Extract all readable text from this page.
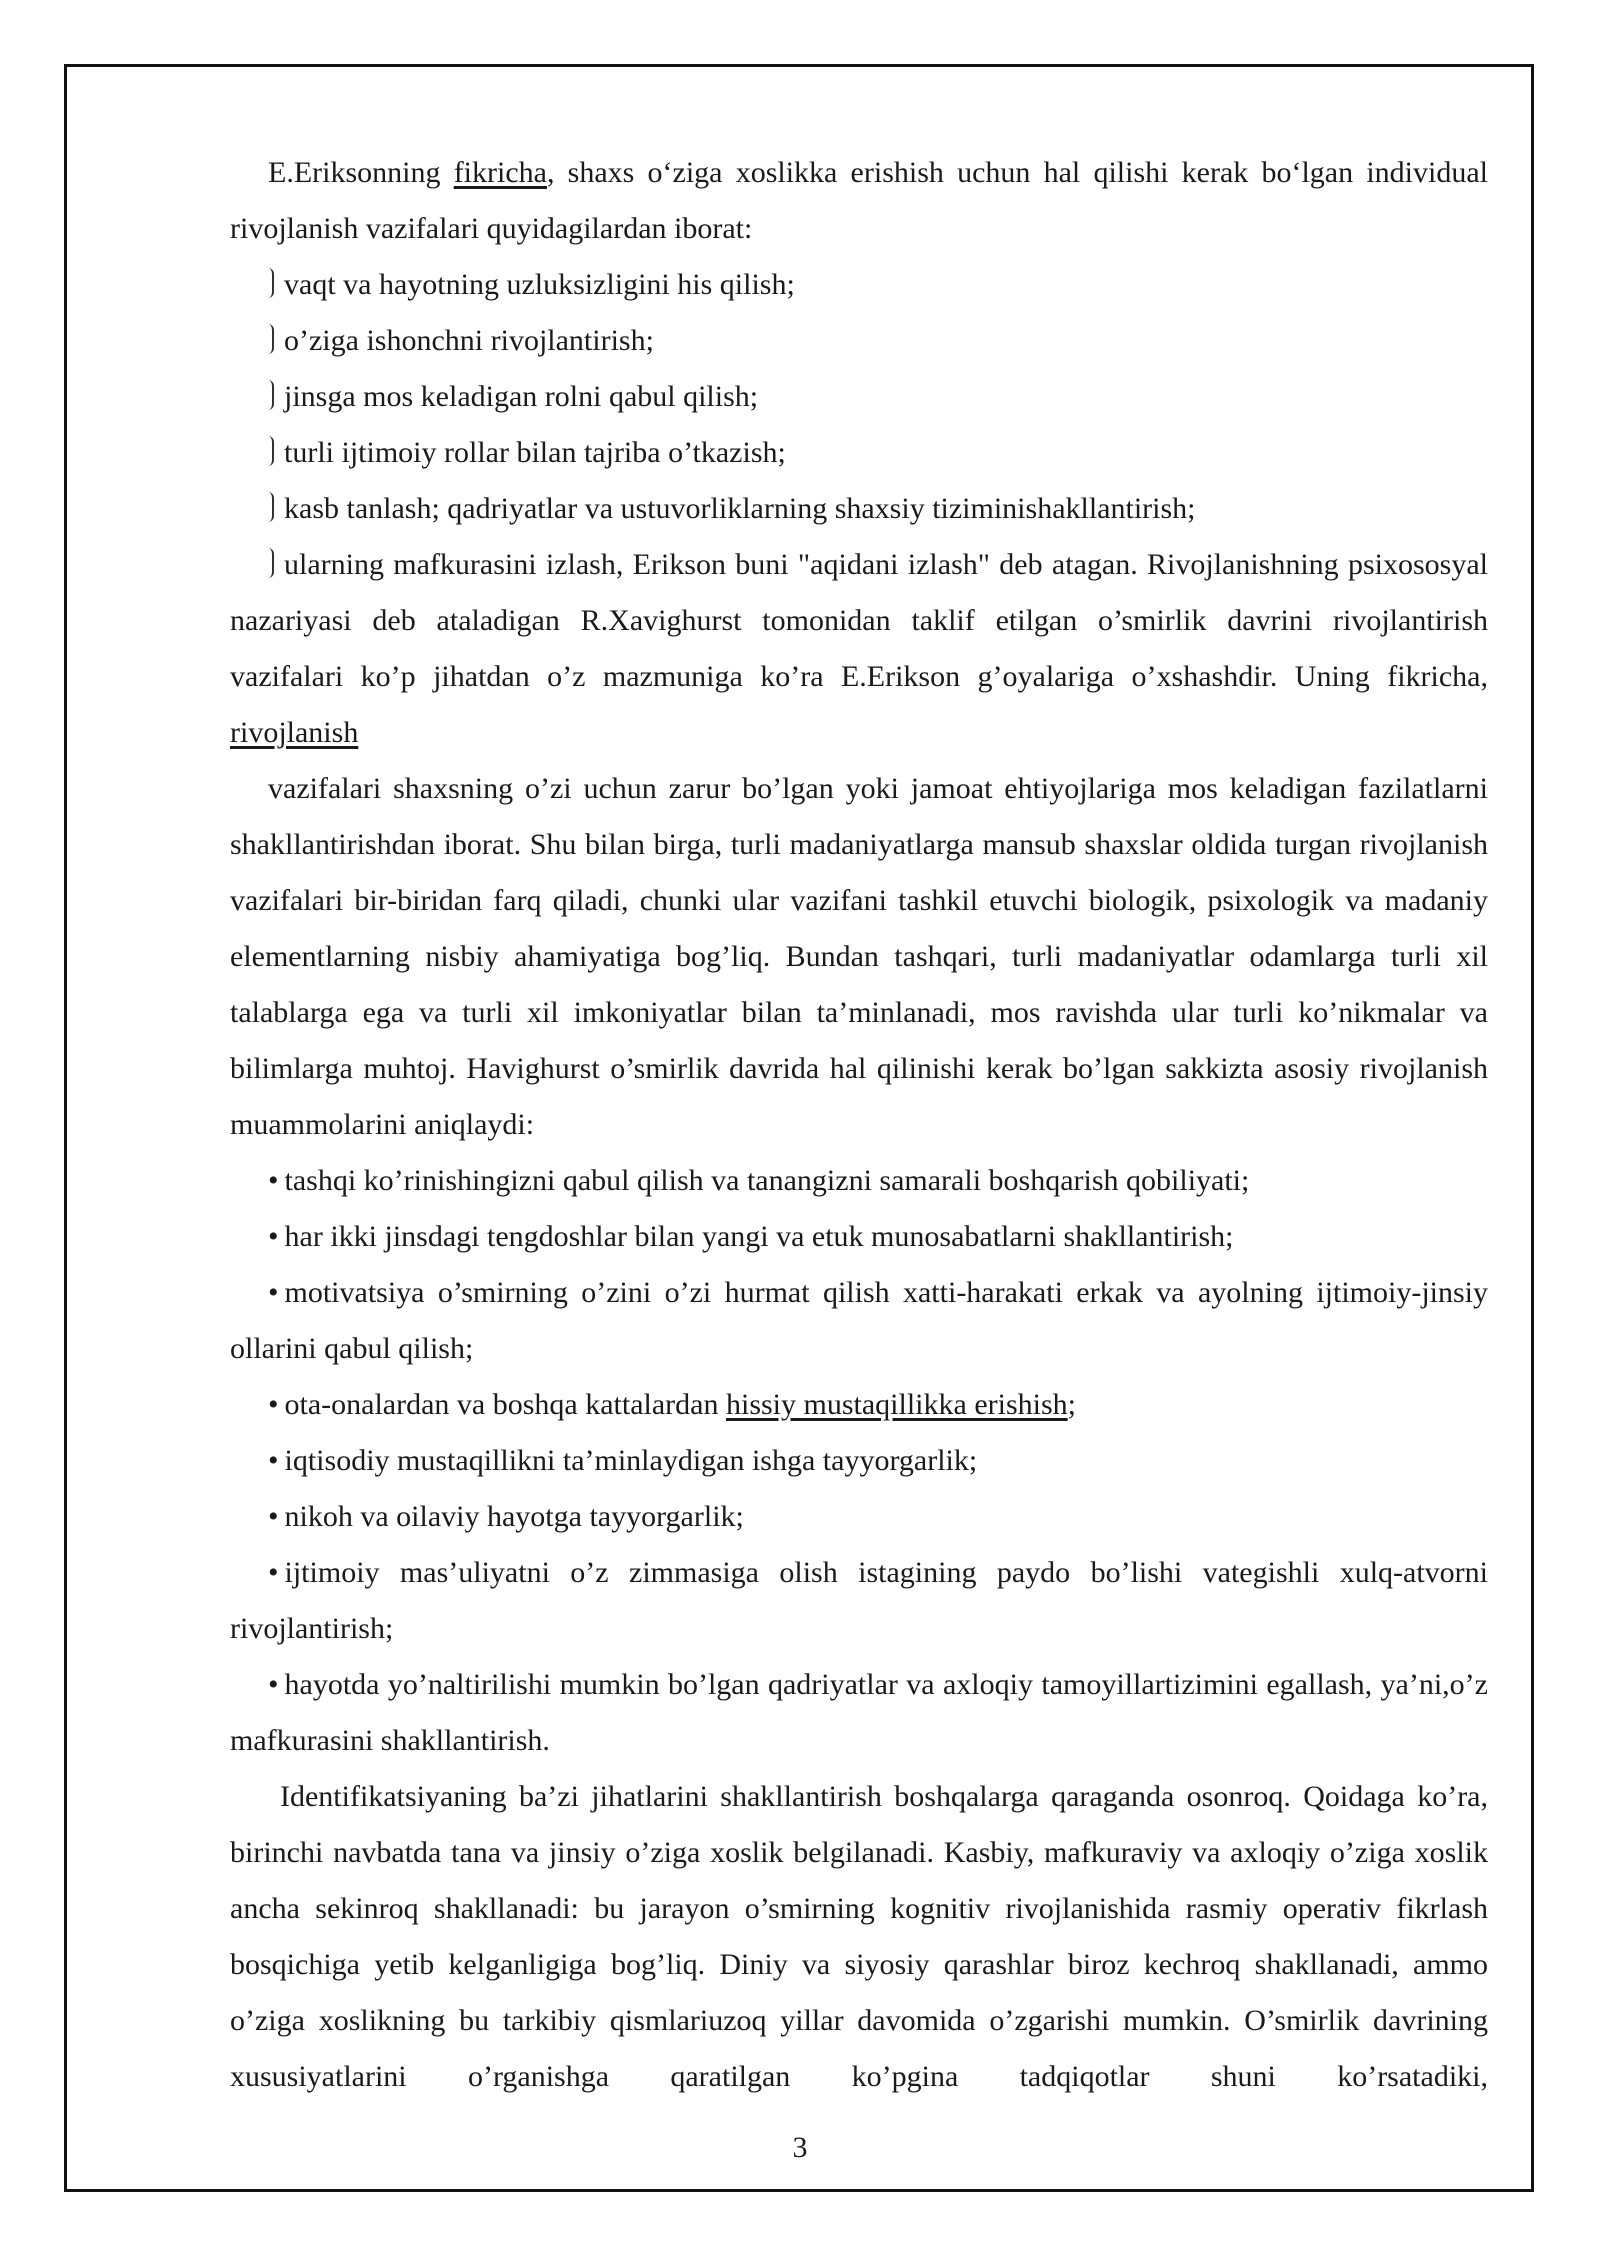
E.Eriksonning fikricha, shaxs o‘ziga xoslikka erishish uchun hal qilishi kerak bo‘lgan individual rivojlanish vazifalari quyidagilardan iborat:

vaqt va hayotning uzluksizligini his qilish;

o’ziga ishonchni rivojlantirish;

jinsga mos keladigan rolni qabul qilish;

turli ijtimoiy rollar bilan tajriba o’tkazish;

kasb tanlash; qadriyatlar va ustuvorliklarning shaxsiy tiziminishakllantirish;

ularning mafkurasini izlash, Erikson buni "aqidani izlash" deb atagan. Rivojlanishning psixososyal nazariyasi deb ataladigan R.Xavighurst tomonidan taklif etilgan o’smirlik davrini rivojlantirish vazifalari ko’p jihatdan o’z mazmuniga ko’ra E.Erikson g’oyalariga o’xshashdir. Uning fikricha, rivojlanish

vazifalari shaxsning o’zi uchun zarur bo’lgan yoki jamoat ehtiyojlariga mos keladigan fazilatlarni shakllantirishdan iborat. Shu bilan birga, turli madaniyatlarga mansub shaxslar oldida turgan rivojlanish vazifalari bir-biridan farq qiladi, chunki ular vazifani tashkil etuvchi biologik, psixologik va madaniy elementlarning nisbiy ahamiyatiga bog’liq. Bundan tashqari, turli madaniyatlar odamlarga turli xil talablarga ega va turli xil imkoniyatlar bilan ta’minlanadi, mos ravishda ular turli ko’nikmalar va bilimlarga muhtoj. Havighurst o’smirlik davrida hal qilinishi kerak bo’lgan sakkizta asosiy rivojlanish muammolarini aniqlaydi:

• tashqi ko’rinishingizni qabul qilish va tanangizni samarali boshqarish qobiliyati;

• har ikki jinsdagi tengdoshlar bilan yangi va etuk munosabatlarni shakllantirish;

• motivatsiya o’smirning o’zini o’zi hurmat qilish xatti-harakati erkak va ayolning ijtimoiy-jinsiy ollarini qabul qilish;

• ota-onalardan va boshqa kattalardan hissiy mustaqillikka erishish;

• iqtisodiy mustaqillikni ta’minlaydigan ishga tayyorgarlik;

• nikoh va oilaviy hayotga tayyorgarlik;

• ijtimoiy mas’uliyatni o’z zimmasiga olish istagining paydo bo’lishi vategishli xulq-atvorni rivojlantirish;

• hayotda yo’naltirilishi mumkin bo’lgan qadriyatlar va axloqiy tamoyillartizimini egallash, ya’ni,o’z mafkurasini shakllantirish.

Identifikatsiyaning ba’zi jihatlarini shakllantirish boshqalarga qaraganda osonroq. Qoidaga ko’ra, birinchi navbatda tana va jinsiy o’ziga xoslik belgilanadi. Kasbiy, mafkuraviy va axloqiy o’ziga xoslik ancha sekinroq shakllanadi: bu jarayon o’smirning kognitiv rivojlanishida rasmiy operativ fikrlash bosqichiga yetib kelganligiga bog’liq. Diniy va siyosiy qarashlar biroz kechroq shakllanadi, ammo o’ziga xoslikning bu tarkibiy qismlariuzoq yillar davomida o’zgarishi mumkin. O’smirlik davrining xususiyatlarini o’rganishga qaratilgan ko’pgina tadqiqotlar shuni ko’rsatadiki,

3
